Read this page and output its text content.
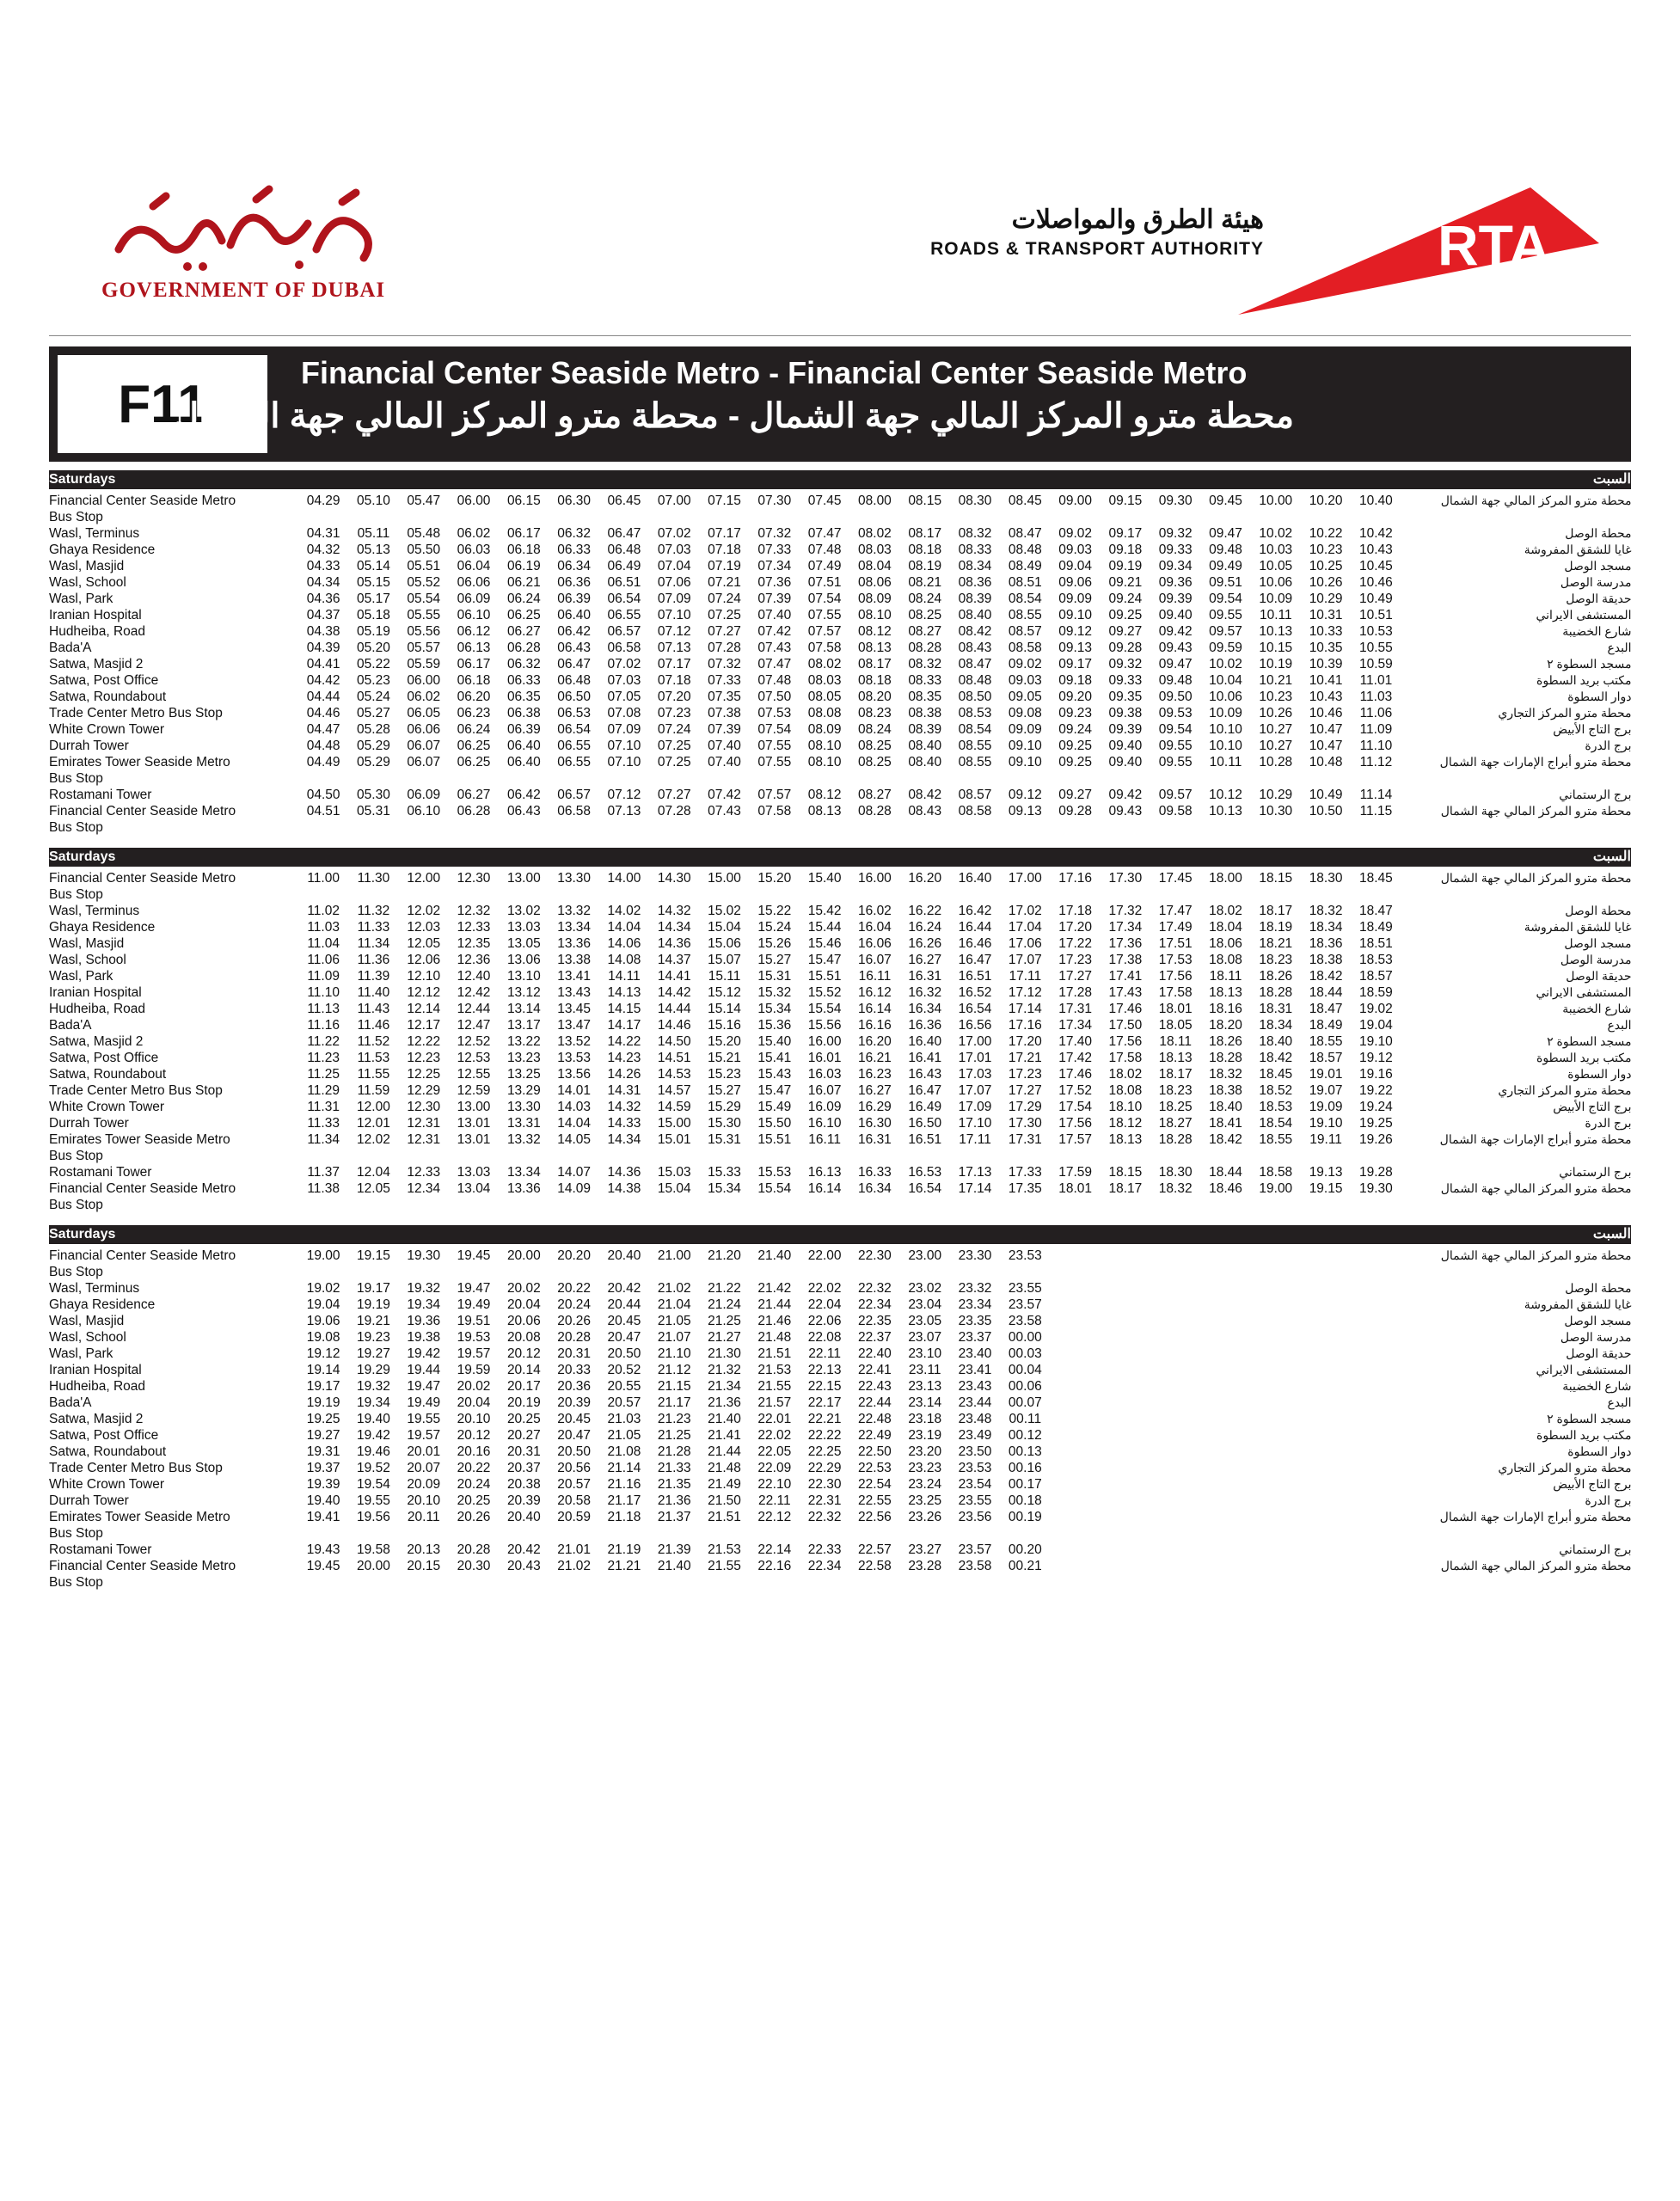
GOVERNMENT OF DUBAI
هيئة الطرق والمواصلات
ROADS & TRANSPORT AUTHORITY	RTA
F11
Financial Center Seaside Metro - Financial Center Seaside Metro
محطة مترو المركز المالي جهة الشمال - محطة مترو المركز المالي جهة الشمال
Saturdays	السبت
Financial Center Seaside Metro
Bus Stop	04.29	05.10	05.47	06.00	06.15	06.30	06.45	07.00	07.15	07.30	07.45	08.00	08.15	08.30	08.45	09.00	09.15	09.30	09.45	10.00	10.20	10.40	محطة مترو المركز المالي جهة الشمال

Wasl, Terminus	04.31	05.11	05.48	06.02	06.17	06.32	06.47	07.02	07.17	07.32	07.47	08.02	08.17	08.32	08.47	09.02	09.17	09.32	09.47	10.02	10.22	10.42	محطة الوصل

Ghaya Residence	04.32	05.13	05.50	06.03	06.18	06.33	06.48	07.03	07.18	07.33	07.48	08.03	08.18	08.33	08.48	09.03	09.18	09.33	09.48	10.03	10.23	10.43	غايا للشقق المفروشة

Wasl, Masjid	04.33	05.14	05.51	06.04	06.19	06.34	06.49	07.04	07.19	07.34	07.49	08.04	08.19	08.34	08.49	09.04	09.19	09.34	09.49	10.05	10.25	10.45	مسجد الوصل

Wasl, School	04.34	05.15	05.52	06.06	06.21	06.36	06.51	07.06	07.21	07.36	07.51	08.06	08.21	08.36	08.51	09.06	09.21	09.36	09.51	10.06	10.26	10.46	مدرسة الوصل

Wasl, Park	04.36	05.17	05.54	06.09	06.24	06.39	06.54	07.09	07.24	07.39	07.54	08.09	08.24	08.39	08.54	09.09	09.24	09.39	09.54	10.09	10.29	10.49	حديقة الوصل

Iranian Hospital	04.37	05.18	05.55	06.10	06.25	06.40	06.55	07.10	07.25	07.40	07.55	08.10	08.25	08.40	08.55	09.10	09.25	09.40	09.55	10.11	10.31	10.51	المستشفى الايراني

Hudheiba, Road	04.38	05.19	05.56	06.12	06.27	06.42	06.57	07.12	07.27	07.42	07.57	08.12	08.27	08.42	08.57	09.12	09.27	09.42	09.57	10.13	10.33	10.53	شارع الخضيبة

Bada'A	04.39	05.20	05.57	06.13	06.28	06.43	06.58	07.13	07.28	07.43	07.58	08.13	08.28	08.43	08.58	09.13	09.28	09.43	09.59	10.15	10.35	10.55	البدع

Satwa, Masjid 2	04.41	05.22	05.59	06.17	06.32	06.47	07.02	07.17	07.32	07.47	08.02	08.17	08.32	08.47	09.02	09.17	09.32	09.47	10.02	10.19	10.39	10.59	مسجد السطوة ٢

Satwa, Post Office	04.42	05.23	06.00	06.18	06.33	06.48	07.03	07.18	07.33	07.48	08.03	08.18	08.33	08.48	09.03	09.18	09.33	09.48	10.04	10.21	10.41	11.01	مكتب بريد السطوة

Satwa, Roundabout	04.44	05.24	06.02	06.20	06.35	06.50	07.05	07.20	07.35	07.50	08.05	08.20	08.35	08.50	09.05	09.20	09.35	09.50	10.06	10.23	10.43	11.03	دوار السطوة

Trade Center Metro Bus Stop	04.46	05.27	06.05	06.23	06.38	06.53	07.08	07.23	07.38	07.53	08.08	08.23	08.38	08.53	09.08	09.23	09.38	09.53	10.09	10.26	10.46	11.06	محطة مترو المركز التجاري

White Crown Tower	04.47	05.28	06.06	06.24	06.39	06.54	07.09	07.24	07.39	07.54	08.09	08.24	08.39	08.54	09.09	09.24	09.39	09.54	10.10	10.27	10.47	11.09	برج التاج الأبيض

Durrah Tower	04.48	05.29	06.07	06.25	06.40	06.55	07.10	07.25	07.40	07.55	08.10	08.25	08.40	08.55	09.10	09.25	09.40	09.55	10.10	10.27	10.47	11.10	برج الدرة

Emirates Tower Seaside Metro
Bus Stop	04.49	05.29	06.07	06.25	06.40	06.55	07.10	07.25	07.40	07.55	08.10	08.25	08.40	08.55	09.10	09.25	09.40	09.55	10.11	10.28	10.48	11.12	محطة مترو أبراج الإمارات جهة الشمال

Rostamani Tower	04.50	05.30	06.09	06.27	06.42	06.57	07.12	07.27	07.42	07.57	08.12	08.27	08.42	08.57	09.12	09.27	09.42	09.57	10.12	10.29	10.49	11.14	برج الرستماني

Financial Center Seaside Metro
Bus Stop	04.51	05.31	06.10	06.28	06.43	06.58	07.13	07.28	07.43	07.58	08.13	08.28	08.43	08.58	09.13	09.28	09.43	09.58	10.13	10.30	10.50	11.15	محطة مترو المركز المالي جهة الشمال
Saturdays	السبت
Financial Center Seaside Metro
Bus Stop	11.00	11.30	12.00	12.30	13.00	13.30	14.00	14.30	15.00	15.20	15.40	16.00	16.20	16.40	17.00	17.16	17.30	17.45	18.00	18.15	18.30	18.45	محطة مترو المركز المالي جهة الشمال

Wasl, Terminus	11.02	11.32	12.02	12.32	13.02	13.32	14.02	14.32	15.02	15.22	15.42	16.02	16.22	16.42	17.02	17.18	17.32	17.47	18.02	18.17	18.32	18.47	محطة الوصل

Ghaya Residence	11.03	11.33	12.03	12.33	13.03	13.34	14.04	14.34	15.04	15.24	15.44	16.04	16.24	16.44	17.04	17.20	17.34	17.49	18.04	18.19	18.34	18.49	غايا للشقق المفروشة

Wasl, Masjid	11.04	11.34	12.05	12.35	13.05	13.36	14.06	14.36	15.06	15.26	15.46	16.06	16.26	16.46	17.06	17.22	17.36	17.51	18.06	18.21	18.36	18.51	مسجد الوصل

Wasl, School	11.06	11.36	12.06	12.36	13.06	13.38	14.08	14.37	15.07	15.27	15.47	16.07	16.27	16.47	17.07	17.23	17.38	17.53	18.08	18.23	18.38	18.53	مدرسة الوصل

Wasl, Park	11.09	11.39	12.10	12.40	13.10	13.41	14.11	14.41	15.11	15.31	15.51	16.11	16.31	16.51	17.11	17.27	17.41	17.56	18.11	18.26	18.42	18.57	حديقة الوصل

Iranian Hospital	11.10	11.40	12.12	12.42	13.12	13.43	14.13	14.42	15.12	15.32	15.52	16.12	16.32	16.52	17.12	17.28	17.43	17.58	18.13	18.28	18.44	18.59	المستشفى الايراني

Hudheiba, Road	11.13	11.43	12.14	12.44	13.14	13.45	14.15	14.44	15.14	15.34	15.54	16.14	16.34	16.54	17.14	17.31	17.46	18.01	18.16	18.31	18.47	19.02	شارع الخضيبة

Bada'A	11.16	11.46	12.17	12.47	13.17	13.47	14.17	14.46	15.16	15.36	15.56	16.16	16.36	16.56	17.16	17.34	17.50	18.05	18.20	18.34	18.49	19.04	البدع

Satwa, Masjid 2	11.22	11.52	12.22	12.52	13.22	13.52	14.22	14.50	15.20	15.40	16.00	16.20	16.40	17.00	17.20	17.40	17.56	18.11	18.26	18.40	18.55	19.10	مسجد السطوة ٢

Satwa, Post Office	11.23	11.53	12.23	12.53	13.23	13.53	14.23	14.51	15.21	15.41	16.01	16.21	16.41	17.01	17.21	17.42	17.58	18.13	18.28	18.42	18.57	19.12	مكتب بريد السطوة

Satwa, Roundabout	11.25	11.55	12.25	12.55	13.25	13.56	14.26	14.53	15.23	15.43	16.03	16.23	16.43	17.03	17.23	17.46	18.02	18.17	18.32	18.45	19.01	19.16	دوار السطوة

Trade Center Metro Bus Stop	11.29	11.59	12.29	12.59	13.29	14.01	14.31	14.57	15.27	15.47	16.07	16.27	16.47	17.07	17.27	17.52	18.08	18.23	18.38	18.52	19.07	19.22	محطة مترو المركز التجاري

White Crown Tower	11.31	12.00	12.30	13.00	13.30	14.03	14.32	14.59	15.29	15.49	16.09	16.29	16.49	17.09	17.29	17.54	18.10	18.25	18.40	18.53	19.09	19.24	برج التاج الأبيض

Durrah Tower	11.33	12.01	12.31	13.01	13.31	14.04	14.33	15.00	15.30	15.50	16.10	16.30	16.50	17.10	17.30	17.56	18.12	18.27	18.41	18.54	19.10	19.25	برج الدرة

Emirates Tower Seaside Metro
Bus Stop	11.34	12.02	12.31	13.01	13.32	14.05	14.34	15.01	15.31	15.51	16.11	16.31	16.51	17.11	17.31	17.57	18.13	18.28	18.42	18.55	19.11	19.26	محطة مترو أبراج الإمارات جهة الشمال

Rostamani Tower	11.37	12.04	12.33	13.03	13.34	14.07	14.36	15.03	15.33	15.53	16.13	16.33	16.53	17.13	17.33	17.59	18.15	18.30	18.44	18.58	19.13	19.28	برج الرستماني

Financial Center Seaside Metro
Bus Stop	11.38	12.05	12.34	13.04	13.36	14.09	14.38	15.04	15.34	15.54	16.14	16.34	16.54	17.14	17.35	18.01	18.17	18.32	18.46	19.00	19.15	19.30	محطة مترو المركز المالي جهة الشمال
Saturdays	السبت
Financial Center Seaside Metro
Bus Stop	19.00	19.15	19.30	19.45	20.00	20.20	20.40	21.00	21.20	21.40	22.00	22.30	23.00	23.30	23.53								محطة مترو المركز المالي جهة الشمال

Wasl, Terminus	19.02	19.17	19.32	19.47	20.02	20.22	20.42	21.02	21.22	21.42	22.02	22.32	23.02	23.32	23.55								محطة الوصل

Ghaya Residence	19.04	19.19	19.34	19.49	20.04	20.24	20.44	21.04	21.24	21.44	22.04	22.34	23.04	23.34	23.57								غايا للشقق المفروشة

Wasl, Masjid	19.06	19.21	19.36	19.51	20.06	20.26	20.45	21.05	21.25	21.46	22.06	22.35	23.05	23.35	23.58								مسجد الوصل

Wasl, School	19.08	19.23	19.38	19.53	20.08	20.28	20.47	21.07	21.27	21.48	22.08	22.37	23.07	23.37	00.00								مدرسة الوصل

Wasl, Park	19.12	19.27	19.42	19.57	20.12	20.31	20.50	21.10	21.30	21.51	22.11	22.40	23.10	23.40	00.03								حديقة الوصل

Iranian Hospital	19.14	19.29	19.44	19.59	20.14	20.33	20.52	21.12	21.32	21.53	22.13	22.41	23.11	23.41	00.04								المستشفى الايراني

Hudheiba, Road	19.17	19.32	19.47	20.02	20.17	20.36	20.55	21.15	21.34	21.55	22.15	22.43	23.13	23.43	00.06								شارع الخضيبة

Bada'A	19.19	19.34	19.49	20.04	20.19	20.39	20.57	21.17	21.36	21.57	22.17	22.44	23.14	23.44	00.07								البدع

Satwa, Masjid 2	19.25	19.40	19.55	20.10	20.25	20.45	21.03	21.23	21.40	22.01	22.21	22.48	23.18	23.48	00.11								مسجد السطوة ٢

Satwa, Post Office	19.27	19.42	19.57	20.12	20.27	20.47	21.05	21.25	21.41	22.02	22.22	22.49	23.19	23.49	00.12								مكتب بريد السطوة

Satwa, Roundabout	19.31	19.46	20.01	20.16	20.31	20.50	21.08	21.28	21.44	22.05	22.25	22.50	23.20	23.50	00.13								دوار السطوة

Trade Center Metro Bus Stop	19.37	19.52	20.07	20.22	20.37	20.56	21.14	21.33	21.48	22.09	22.29	22.53	23.23	23.53	00.16								محطة مترو المركز التجاري

White Crown Tower	19.39	19.54	20.09	20.24	20.38	20.57	21.16	21.35	21.49	22.10	22.30	22.54	23.24	23.54	00.17								برج التاج الأبيض

Durrah Tower	19.40	19.55	20.10	20.25	20.39	20.58	21.17	21.36	21.50	22.11	22.31	22.55	23.25	23.55	00.18								برج الدرة

Emirates Tower Seaside Metro
Bus Stop	19.41	19.56	20.11	20.26	20.40	20.59	21.18	21.37	21.51	22.12	22.32	22.56	23.26	23.56	00.19								محطة مترو أبراج الإمارات جهة الشمال

Rostamani Tower	19.43	19.58	20.13	20.28	20.42	21.01	21.19	21.39	21.53	22.14	22.33	22.57	23.27	23.57	00.20								برج الرستماني

Financial Center Seaside Metro
Bus Stop	19.45	20.00	20.15	20.30	20.43	21.02	21.21	21.40	21.55	22.16	22.34	22.58	23.28	23.58	00.21								محطة مترو المركز المالي جهة الشمال
